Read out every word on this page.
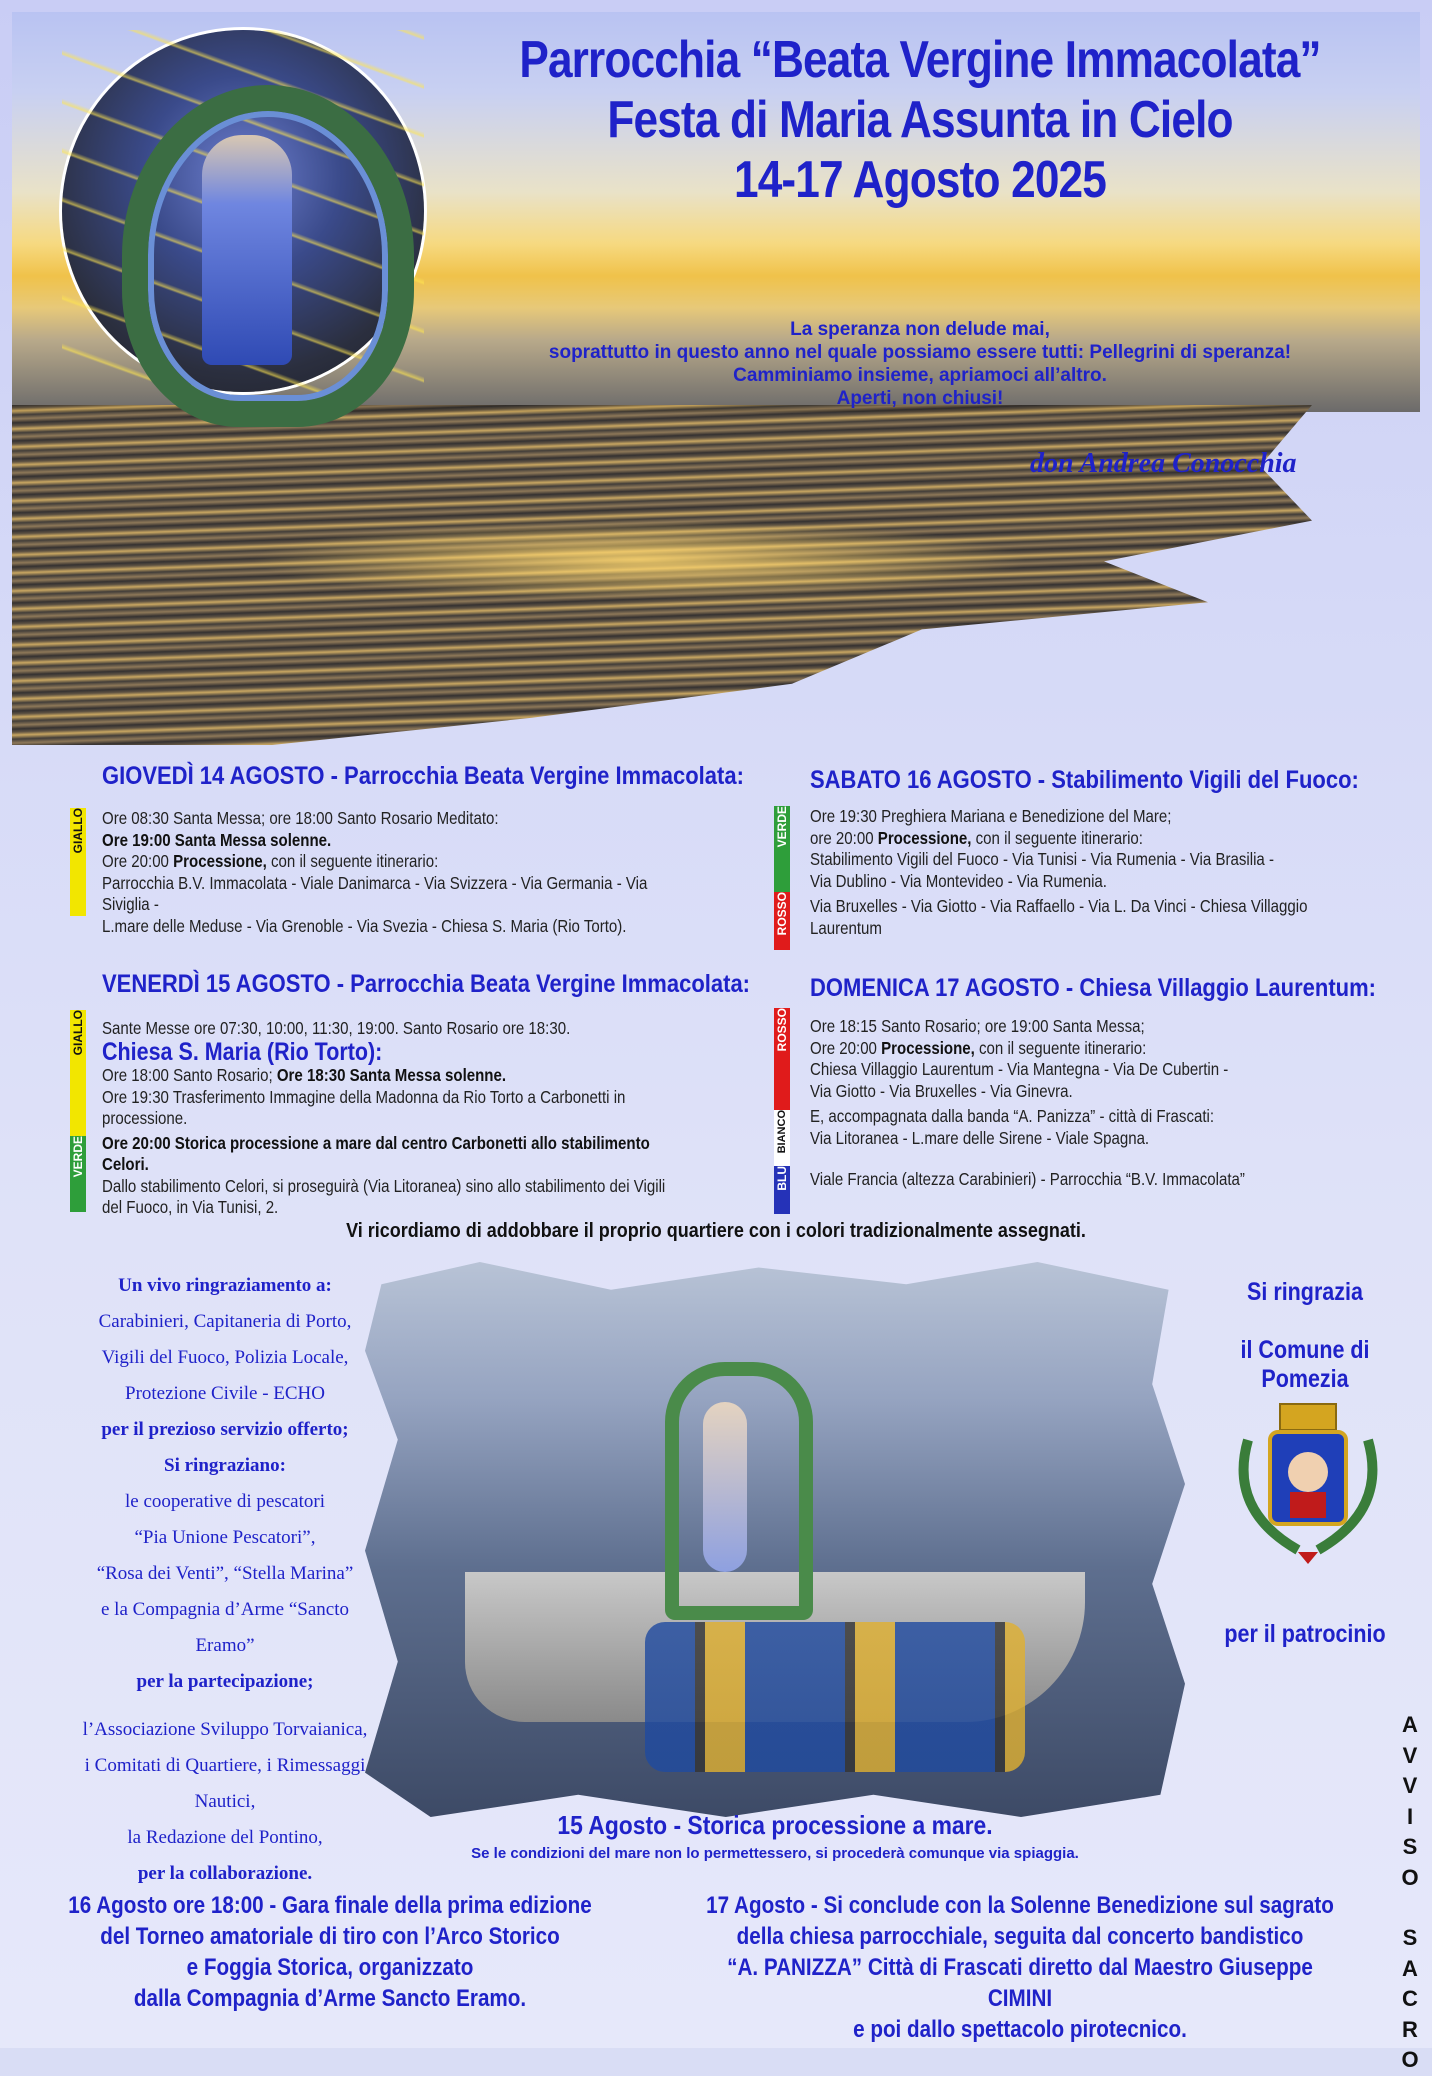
Parrocchia “Beata Vergine Immacolata”
Festa di Maria Assunta in Cielo
14-17 Agosto 2025
La speranza non delude mai,
soprattutto in questo anno nel quale possiamo essere tutti: Pellegrini di speranza!
Camminiamo insieme, apriamoci all’altro.
Aperti, non chiusi!
don Andrea Conocchia
GIOVEDÌ 14 AGOSTO - Parrocchia Beata Vergine Immacolata:
GIALLO Ore 08:30 Santa Messa; ore 18:00 Santo Rosario Meditato:
Ore 19:00 Santa Messa solenne.
Ore 20:00 Processione, con il seguente itinerario:
Parrocchia B.V. Immacolata - Viale Danimarca - Via Svizzera - Via Germania - Via Siviglia -
L.mare delle Meduse - Via Grenoble - Via Svezia - Chiesa S. Maria (Rio Torto).
VENERDÌ 15 AGOSTO - Parrocchia Beata Vergine Immacolata:
GIALLO
VERDE
Sante Messe ore 07:30, 10:00, 11:30, 19:00. Santo Rosario ore 18:30.
Chiesa S. Maria (Rio Torto):
Ore 18:00 Santo Rosario; Ore 18:30 Santa Messa solenne.
Ore 19:30 Trasferimento Immagine della Madonna da Rio Torto a Carbonetti in processione.
Ore 20:00 Storica processione a mare dal centro Carbonetti allo stabilimento Celori.
Dallo stabilimento Celori, si proseguirà (Via Litoranea) sino allo stabilimento dei Vigili
del Fuoco, in Via Tunisi, 2.
SABATO 16 AGOSTO - Stabilimento Vigili del Fuoco:
VERDE
ROSSO
Ore 19:30 Preghiera Mariana e Benedizione del Mare;
ore 20:00 Processione, con il seguente itinerario:
Stabilimento Vigili del Fuoco - Via Tunisi - Via Rumenia - Via Brasilia -
Via Dublino - Via Montevideo - Via Rumenia.
Via Bruxelles - Via Giotto - Via Raffaello - Via L. Da Vinci - Chiesa Villaggio
Laurentum
DOMENICA 17 AGOSTO - Chiesa Villaggio Laurentum:
ROSSO
BIANCO
BLU
Ore 18:15 Santo Rosario; ore 19:00 Santa Messa;
Ore 20:00 Processione, con il seguente itinerario:
Chiesa Villaggio Laurentum - Via Mantegna - Via De Cubertin -
Via Giotto - Via Bruxelles - Via Ginevra.
E, accompagnata dalla banda “A. Panizza” - città di Frascati:
Via Litoranea - L.mare delle Sirene - Viale Spagna.
Viale Francia (altezza Carabinieri) - Parrocchia “B.V. Immacolata”
Vi ricordiamo di addobbare il proprio quartiere con i colori tradizionalmente assegnati.
Un vivo ringraziamento a:
Carabinieri, Capitaneria di Porto,
Vigili del Fuoco, Polizia Locale,
Protezione Civile - ECHO
per il prezioso servizio offerto;
Si ringraziano:
le cooperative di pescatori
“Pia Unione Pescatori”,
“Rosa dei Venti”, “Stella Marina”
e la Compagnia d’Arme “Sancto Eramo”
per la partecipazione;
l’Associazione Sviluppo Torvaianica,
i Comitati di Quartiere, i Rimessaggi Nautici,
la Redazione del Pontino,
per la collaborazione.
15 Agosto - Storica processione a mare.
Se le condizioni del mare non lo permettessero, si procederà comunque via spiaggia.
Si ringrazia
il Comune di Pomezia
per il patrocinio
A
V
V
I
S
O
S
A
C
R
O
16 Agosto ore 18:00 - Gara finale della prima edizione
del Torneo amatoriale di tiro con l’Arco Storico
e Foggia Storica, organizzato
dalla Compagnia d’Arme Sancto Eramo.
17 Agosto - Si conclude con la Solenne Benedizione sul sagrato
della chiesa parrocchiale, seguita dal concerto bandistico
“A. PANIZZA” Città di Frascati diretto dal Maestro Giuseppe CIMINI
e poi dallo spettacolo pirotecnico.
